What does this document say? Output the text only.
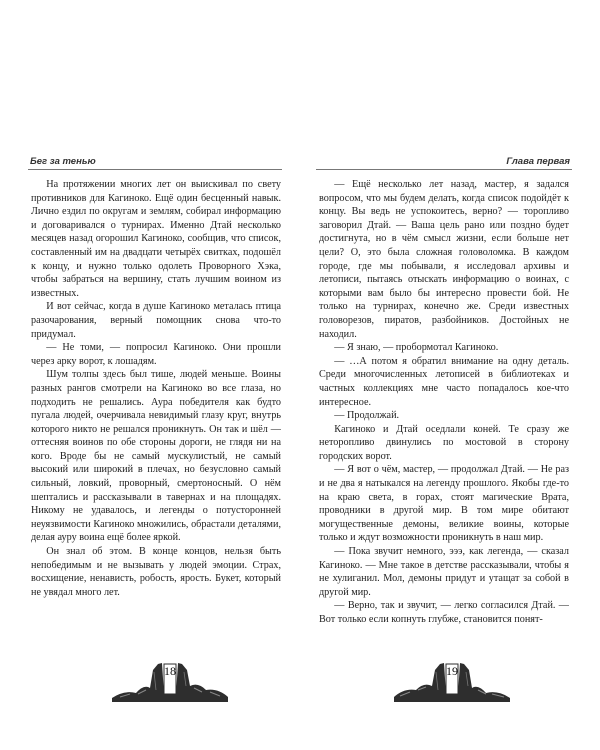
Бег за тенью	Глава первая

На протяжении многих лет он выискивал по свету противников для Кагиноко. Ещё один бесценный навык. Лично ездил по округам и землям, собирал информацию и договаривался о турнирах. Именно Дтай несколько месяцев назад огорошил Кагиноко, сообщив, что список, составленный им на двадцати четырёх свитках, подошёл к концу, и нужно только одолеть Проворного Хэка, чтобы забраться на вершину, стать лучшим воином из известных.

И вот сейчас, когда в душе Кагиноко металась птица разочарования, верный помощник снова что-то придумал.

— Не томи, — попросил Кагиноко. Они прошли через арку ворот, к лошадям.

Шум толпы здесь был тише, людей меньше. Воины разных рангов смотрели на Кагиноко во все глаза, но подходить не решались. Аура победителя как будто пугала людей, очерчивала невидимый глазу круг, внутрь которого никто не решался проникнуть. Он так и шёл — оттесняя воинов по обе стороны дороги, не глядя ни на кого. Вроде бы не самый мускулистый, не самый высокий или широкий в плечах, но безусловно самый сильный, ловкий, проворный, смертоносный. О нём шептались и рассказывали в тавернах и на площадях. Никому не удавалось, и легенды о потусторонней неуязвимости Кагиноко множились, обрастали деталями, делая ауру воина ещё более яркой.

Он знал об этом. В конце концов, нельзя быть непобедимым и не вызывать у людей эмоции. Страх, восхищение, ненависть, робость, ярость. Букет, который не увядал много лет.

— Ещё несколько лет назад, мастер, я задался вопросом, что мы будем делать, когда список подойдёт к концу. Вы ведь не успокоитесь, верно? — торопливо заговорил Дтай. — Ваша цель рано или поздно будет достигнута, но в чём смысл жизни, если больше нет цели? О, это была сложная головоломка. В каждом городе, где мы побывали, я исследовал архивы и летописи, пытаясь отыскать информацию о воинах, с которыми вам было бы интересно провести бой. Не только на турнирах, конечно же. Среди известных головорезов, пиратов, разбойников. Достойных не находил.

— Я знаю, — пробормотал Кагиноко.

— …А потом я обратил внимание на одну деталь. Среди многочисленных летописей в библиотеках и частных коллекциях мне часто попадалось кое-что интересное.

— Продолжай.

Кагиноко и Дтай оседлали коней. Те сразу же неторопливо двинулись по мостовой в сторону городских ворот.

— Я вот о чём, мастер, — продолжал Дтай. — Не раз и не два я натыкался на легенду прошлого. Якобы где-то на краю света, в горах, стоят магические Врата, проводники в другой мир. В том мире обитают могущественные демоны, великие воины, которые только и ждут возможности проникнуть в наш мир.

— Пока звучит немного, эээ, как легенда, — сказал Кагиноко. — Мне такое в детстве рассказывали, чтобы я не хулиганил. Мол, демоны придут и утащат за собой в другой мир.

— Верно, так и звучит, — легко согласился Дтай. — Вот только если копнуть глубже, становится понят-

18	19
